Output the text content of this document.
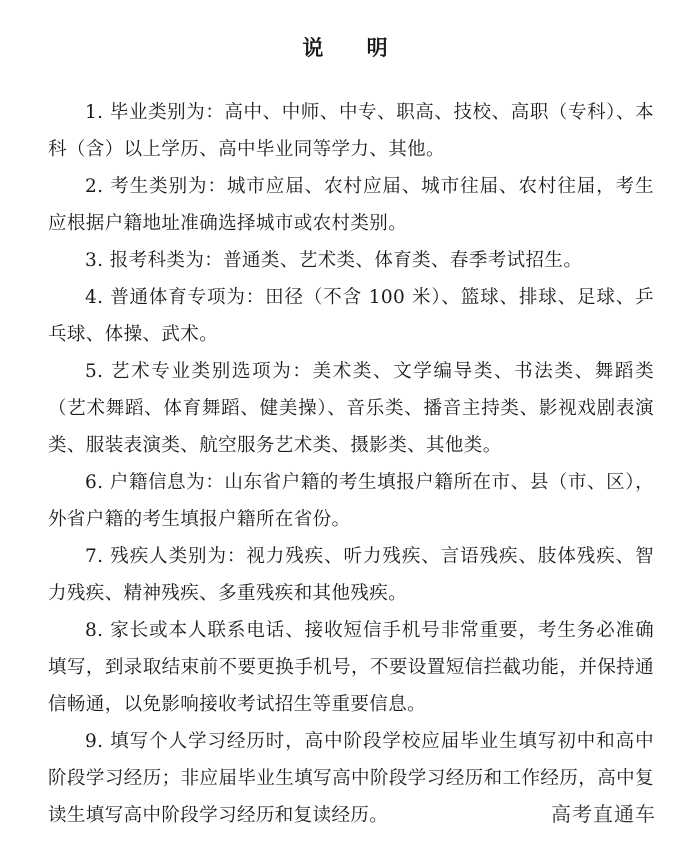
说 明

1. 毕业类别为：高中、中师、中专、职高、技校、高职（专科）、本科（含）以上学历、高中毕业同等学力、其他。

2. 考生类别为：城市应届、农村应届、城市往届、农村往届，考生应根据户籍地址准确选择城市或农村类别。

3. 报考科类为：普通类、艺术类、体育类、春季考试招生。

4. 普通体育专项为：田径（不含 100 米）、篮球、排球、足球、乒乓球、体操、武术。

5. 艺术专业类别选项为：美术类、文学编导类、书法类、舞蹈类（艺术舞蹈、体育舞蹈、健美操）、音乐类、播音主持类、影视戏剧表演类、服装表演类、航空服务艺术类、摄影类、其他类。

6. 户籍信息为：山东省户籍的考生填报户籍所在市、县（市、区），外省户籍的考生填报户籍所在省份。

7. 残疾人类别为：视力残疾、听力残疾、言语残疾、肢体残疾、智力残疾、精神残疾、多重残疾和其他残疾。

8. 家长或本人联系电话、接收短信手机号非常重要，考生务必准确填写，到录取结束前不要更换手机号，不要设置短信拦截功能，并保持通信畅通，以免影响接收考试招生等重要信息。

9. 填写个人学习经历时，高中阶段学校应届毕业生填写初中和高中阶段学习经历；非应届毕业生填写高中阶段学习经历和工作经历，高中复读生填写高中阶段学习经历和复读经历。	高考直通车
